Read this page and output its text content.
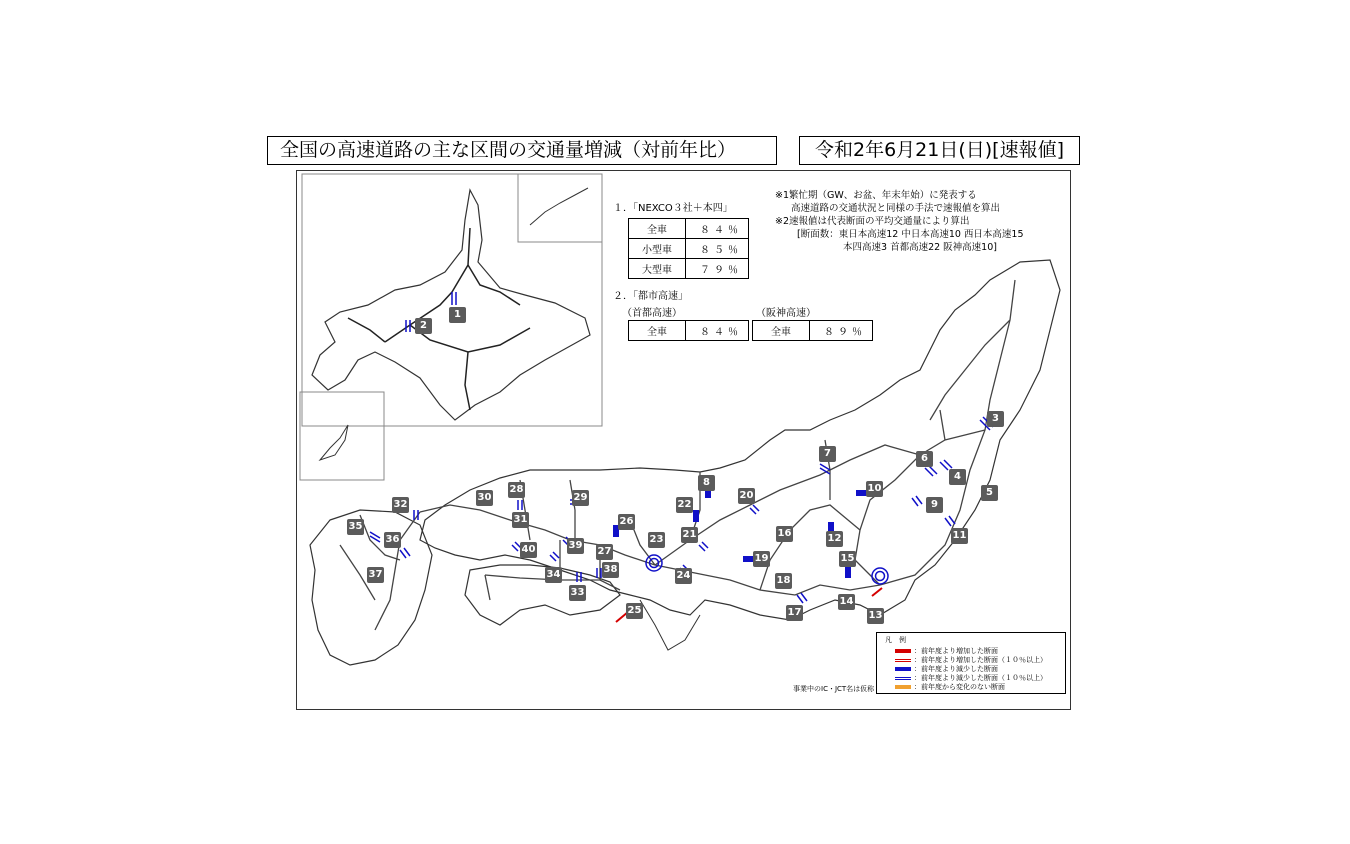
全国の高速道路の主な区間の交通量増減（対前年比）	令和2年6月21日(日)[速報値]
１．「NEXCO３社＋本四」
全車	８４％
小型車	８５％
大型車	７９％
２．「都市高速」
（首都高速）	（阪神高速）
全車	８４％	全車	８９％
※1繁忙期（GW、お盆、年末年始）に発表する
高速道路の交通状況と同様の手法で速報値を算出
※2速報値は代表断面の平均交通量により算出
[断面数：東日本高速12 中日本高速10 西日本高速15
本四高速3 首都高速22 阪神高速10]
1
2
3
4
5
6
7
8
9
10
11
12
13
14
15
16
17
18
19
20
21
22
23
24
25
26
27
28
29
30
31
32
33
34
35
36
37	38
39
40
凡　例
：前年度より増加した断面
：前年度より増加した断面（１０％以上）
：前年度より減少した断面
：前年度より減少した断面（１０％以上）
：前年度から変化のない断面
事業中のIC・JCT名は仮称
